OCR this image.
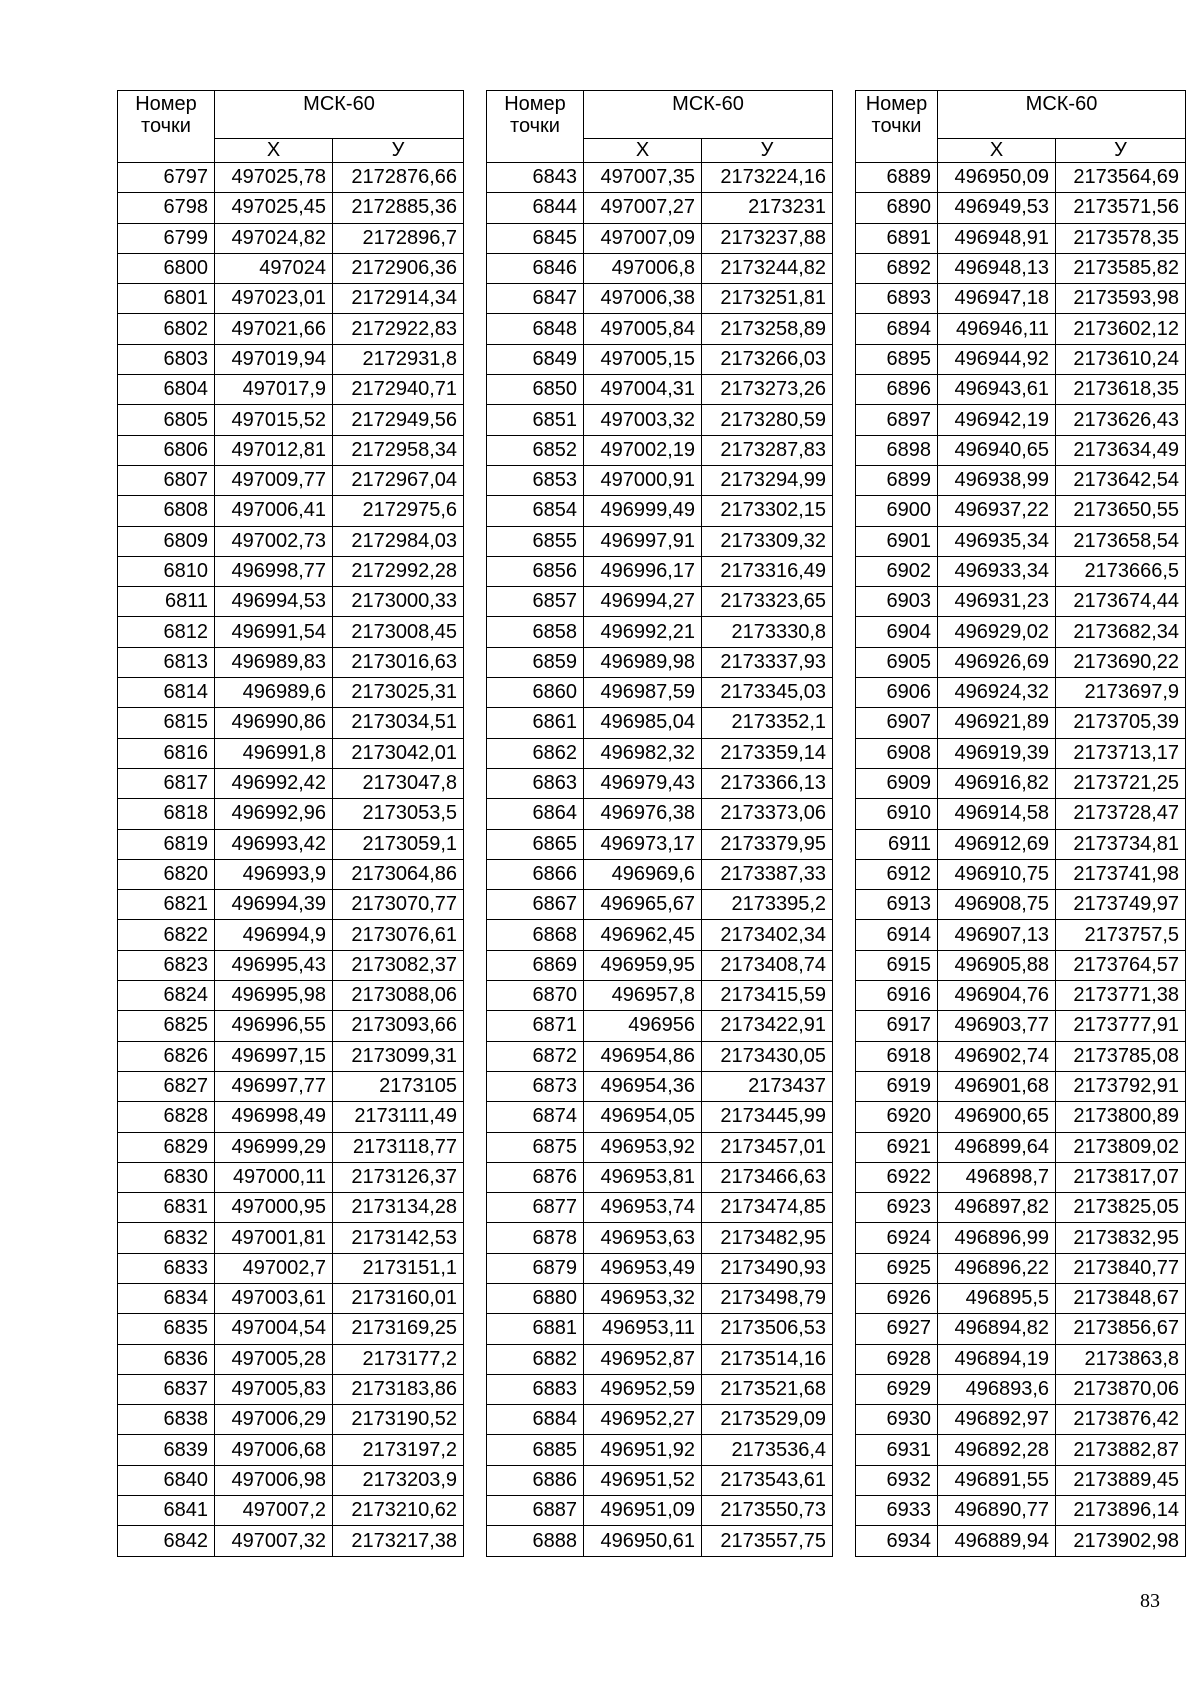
Номер точки	МСК-60	
	Х	У
6797	497025,78	2172876,66
6798	497025,45	2172885,36
6799	497024,82	2172896,7
6800	497024	2172906,36
6801	497023,01	2172914,34
6802	497021,66	2172922,83
6803	497019,94	2172931,8
6804	497017,9	2172940,71
6805	497015,52	2172949,56
6806	497012,81	2172958,34
6807	497009,77	2172967,04
6808	497006,41	2172975,6
6809	497002,73	2172984,03
6810	496998,77	2172992,28
6811	496994,53	2173000,33
6812	496991,54	2173008,45
6813	496989,83	2173016,63
6814	496989,6	2173025,31
6815	496990,86	2173034,51
6816	496991,8	2173042,01
6817	496992,42	2173047,8
6818	496992,96	2173053,5
6819	496993,42	2173059,1
6820	496993,9	2173064,86
6821	496994,39	2173070,77
6822	496994,9	2173076,61
6823	496995,43	2173082,37
6824	496995,98	2173088,06
6825	496996,55	2173093,66
6826	496997,15	2173099,31
6827	496997,77	2173105
6828	496998,49	2173111,49
6829	496999,29	2173118,77
6830	497000,11	2173126,37
6831	497000,95	2173134,28
6832	497001,81	2173142,53
6833	497002,7	2173151,1
6834	497003,61	2173160,01
6835	497004,54	2173169,25
6836	497005,28	2173177,2
6837	497005,83	2173183,86
6838	497006,29	2173190,52
6839	497006,68	2173197,2
6840	497006,98	2173203,9
6841	497007,2	2173210,62
6842	497007,32	2173217,38
Номер точки	МСК-60	
	Х	У
6843	497007,35	2173224,16
6844	497007,27	2173231
6845	497007,09	2173237,88
6846	497006,8	2173244,82
6847	497006,38	2173251,81
6848	497005,84	2173258,89
6849	497005,15	2173266,03
6850	497004,31	2173273,26
6851	497003,32	2173280,59
6852	497002,19	2173287,83
6853	497000,91	2173294,99
6854	496999,49	2173302,15
6855	496997,91	2173309,32
6856	496996,17	2173316,49
6857	496994,27	2173323,65
6858	496992,21	2173330,8
6859	496989,98	2173337,93
6860	496987,59	2173345,03
6861	496985,04	2173352,1
6862	496982,32	2173359,14
6863	496979,43	2173366,13
6864	496976,38	2173373,06
6865	496973,17	2173379,95
6866	496969,6	2173387,33
6867	496965,67	2173395,2
6868	496962,45	2173402,34
6869	496959,95	2173408,74
6870	496957,8	2173415,59
6871	496956	2173422,91
6872	496954,86	2173430,05
6873	496954,36	2173437
6874	496954,05	2173445,99
6875	496953,92	2173457,01
6876	496953,81	2173466,63
6877	496953,74	2173474,85
6878	496953,63	2173482,95
6879	496953,49	2173490,93
6880	496953,32	2173498,79
6881	496953,11	2173506,53
6882	496952,87	2173514,16
6883	496952,59	2173521,68
6884	496952,27	2173529,09
6885	496951,92	2173536,4
6886	496951,52	2173543,61
6887	496951,09	2173550,73
6888	496950,61	2173557,75
Номер точки	МСК-60	
	Х	У
6889	496950,09	2173564,69
6890	496949,53	2173571,56
6891	496948,91	2173578,35
6892	496948,13	2173585,82
6893	496947,18	2173593,98
6894	496946,11	2173602,12
6895	496944,92	2173610,24
6896	496943,61	2173618,35
6897	496942,19	2173626,43
6898	496940,65	2173634,49
6899	496938,99	2173642,54
6900	496937,22	2173650,55
6901	496935,34	2173658,54
6902	496933,34	2173666,5
6903	496931,23	2173674,44
6904	496929,02	2173682,34
6905	496926,69	2173690,22
6906	496924,32	2173697,9
6907	496921,89	2173705,39
6908	496919,39	2173713,17
6909	496916,82	2173721,25
6910	496914,58	2173728,47
6911	496912,69	2173734,81
6912	496910,75	2173741,98
6913	496908,75	2173749,97
6914	496907,13	2173757,5
6915	496905,88	2173764,57
6916	496904,76	2173771,38
6917	496903,77	2173777,91
6918	496902,74	2173785,08
6919	496901,68	2173792,91
6920	496900,65	2173800,89
6921	496899,64	2173809,02
6922	496898,7	2173817,07
6923	496897,82	2173825,05
6924	496896,99	2173832,95
6925	496896,22	2173840,77
6926	496895,5	2173848,67
6927	496894,82	2173856,67
6928	496894,19	2173863,8
6929	496893,6	2173870,06
6930	496892,97	2173876,42
6931	496892,28	2173882,87
6932	496891,55	2173889,45
6933	496890,77	2173896,14
6934	496889,94	2173902,98
83
